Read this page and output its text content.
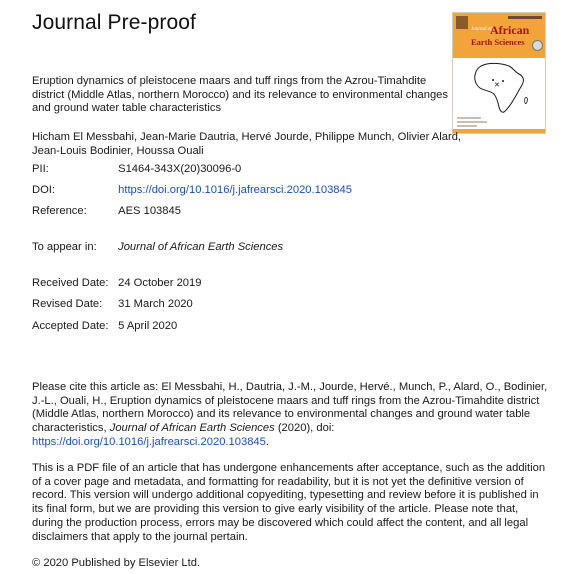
Journal Pre-proof	Journal of
African
Earth Sciences
✕
Eruption dynamics of pleistocene maars and tuff rings from the Azrou-Timahdite district (Middle Atlas, northern Morocco) and its relevance to environmental changes and ground water table characteristics
Hicham El Messbahi, Jean-Marie Dautria, Hervé Jourde, Philippe Munch, Olivier Alard, Jean-Louis Bodinier, Houssa Ouali
PII:	S1464-343X(20)30096-0
DOI:	https://doi.org/10.1016/j.jafrearsci.2020.103845
Reference:	AES 103845
To appear in: Journal of African Earth Sciences
Received Date: 24 October 2019
Revised Date: 31 March 2020
Accepted Date: 5 April 2020
Please cite this article as: El Messbahi, H., Dautria, J.-M., Jourde, Hervé., Munch, P., Alard, O., Bodinier, J.-L., Ouali, H., Eruption dynamics of pleistocene maars and tuff rings from the Azrou-Timahdite district (Middle Atlas, northern Morocco) and its relevance to environmental changes and ground water table characteristics, Journal of African Earth Sciences (2020), doi: https://doi.org/10.1016/j.jafrearsci.2020.103845.
This is a PDF file of an article that has undergone enhancements after acceptance, such as the addition of a cover page and metadata, and formatting for readability, but it is not yet the definitive version of record. This version will undergo additional copyediting, typesetting and review before it is published in its final form, but we are providing this version to give early visibility of the article. Please note that, during the production process, errors may be discovered which could affect the content, and all legal disclaimers that apply to the journal pertain.
© 2020 Published by Elsevier Ltd.
